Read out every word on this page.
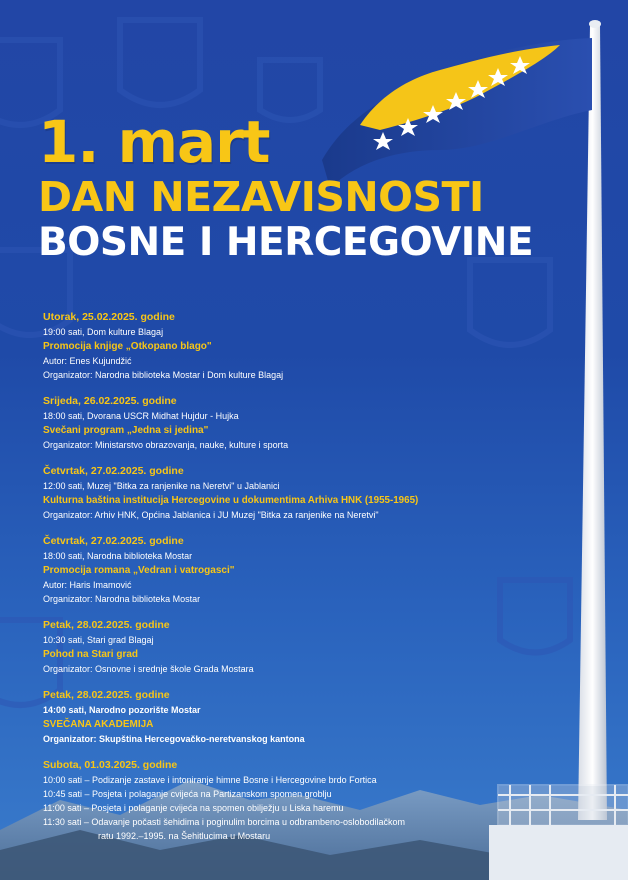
1. mart
DAN NEZAVISNOSTI
BOSNE I HERCEGOVINE
Utorak, 25.02.2025. godine
19:00 sati, Dom kulture Blagaj
Promocija knjige „Otkopano blago"
Autor: Enes Kujundžić
Organizator: Narodna biblioteka Mostar i Dom kulture Blagaj
Srijeda, 26.02.2025. godine
18:00 sati, Dvorana USCR Midhat Hujdur - Hujka
Svečani program „Jedna si jedina"
Organizator: Ministarstvo obrazovanja, nauke, kulture i sporta
Četvrtak, 27.02.2025. godine
12:00 sati, Muzej "Bitka za ranjenike na Neretvi" u Jablanici
Kulturna baština institucija Hercegovine u dokumentima Arhiva HNK (1955-1965)
Organizator: Arhiv HNK, Općina Jablanica i JU Muzej "Bitka za ranjenike na Neretvi"
Četvrtak, 27.02.2025. godine
18:00 sati, Narodna biblioteka Mostar
Promocija romana „Vedran i vatrogasci"
Autor: Haris Imamović
Organizator: Narodna biblioteka Mostar
Petak, 28.02.2025. godine
10:30 sati, Stari grad Blagaj
Pohod na Stari grad
Organizator: Osnovne i srednje škole Grada Mostara
Petak, 28.02.2025. godine
14:00 sati, Narodno pozorište Mostar
SVEČANA AKADEMIJA
Organizator: Skupština Hercegovačko-neretvanskog kantona
Subota, 01.03.2025. godine
10:00 sati – Podizanje zastave i intoniranje himne Bosne i Hercegovine brdo Fortica
10:45 sati – Posjeta i polaganje cvijeća na Partizanskom spomen groblju
11:00 sati – Posjeta i polaganje cvijeća na spomen obilježju u Liska haremu
11:30 sati – Odavanje počasti šehidima i poginulim borcima u odbrambeno-oslobodilačkom
ratu 1992.–1995. na Šehitlucima u Mostaru
